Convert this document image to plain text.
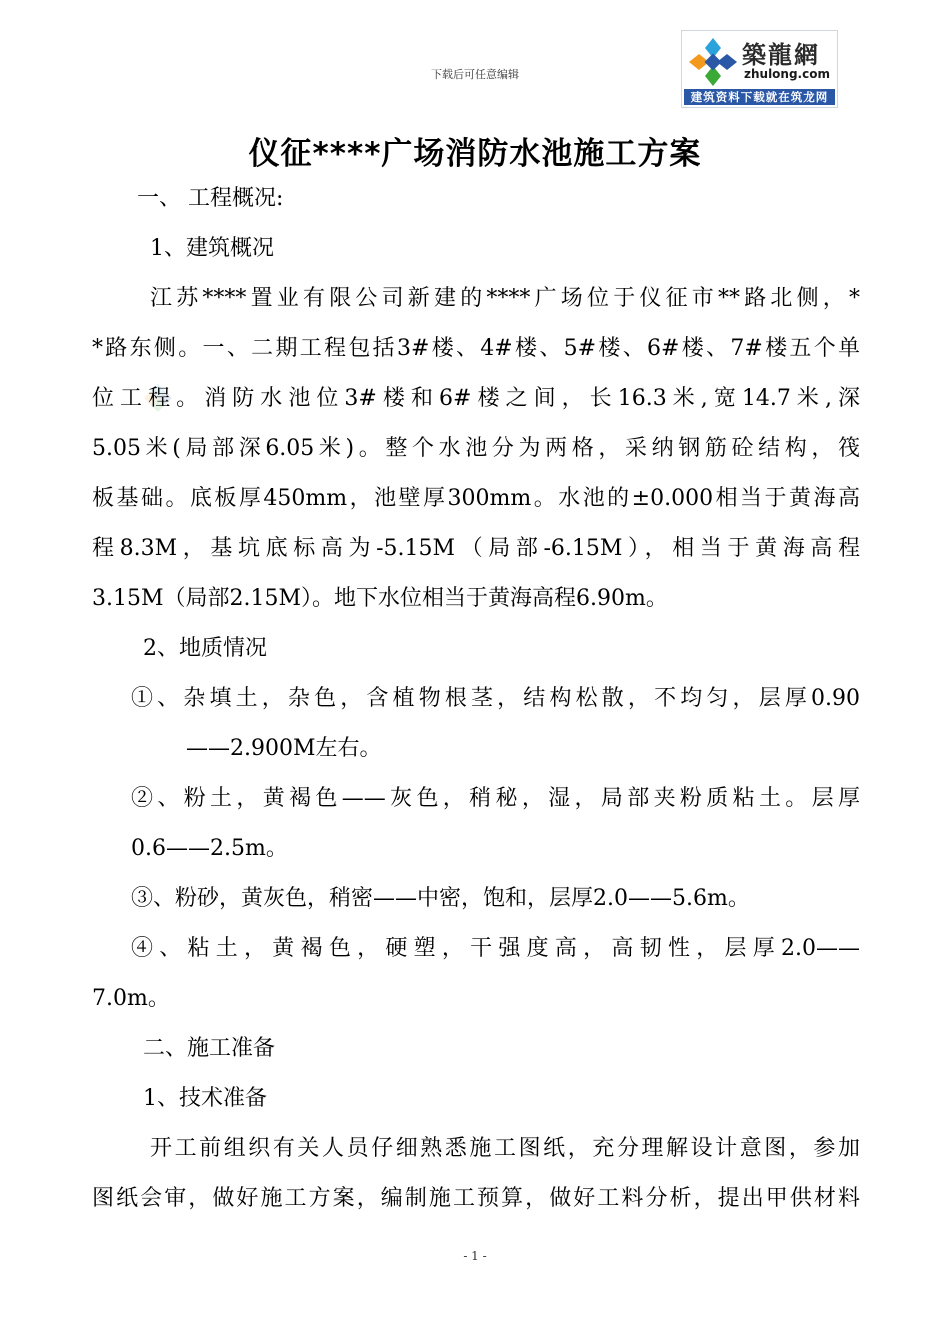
下载后可任意编辑
築龍網
zhulong.com
建筑资料下载就在筑龙网
仪征****广场消防水池施工方案
一、 工程概况:
1、建筑概况
江苏****置业有限公司新建的****广场位于仪征市**路北侧，*
*路东侧。一、二期工程包括3#楼、4#楼、5#楼、6#楼、7#楼五个单
位工程。消防水池位3#楼和6#楼之间，长16.3米,宽14.7米,深
5.05米(局部深6.05米)。整个水池分为两格，采纳钢筋砼结构，筏
板基础。底板厚450mm，池壁厚300mm。水池的±0.000相当于黄海高
程8.3M，基坑底标高为-5.15M（局部-6.15M），相当于黄海高程
3.15M（局部2.15M）。地下水位相当于黄海高程6.90m。
2、地质情况
①、杂填土，杂色，含植物根茎，结构松散，不均匀，层厚0.90
——2.900M左右。
②、粉土，黄褐色——灰色，稍秘，湿，局部夹粉质粘土。层厚
0.6——2.5m。
③、粉砂，黄灰色，稍密——中密，饱和，层厚2.0——5.6m。
④、粘土，黄褐色，硬塑，干强度高，高韧性，层厚2.0——
7.0m。
二、施工准备
1、技术准备
开工前组织有关人员仔细熟悉施工图纸，充分理解设计意图，参加
图纸会审，做好施工方案，编制施工预算，做好工料分析，提出甲供材料
- 1 -
